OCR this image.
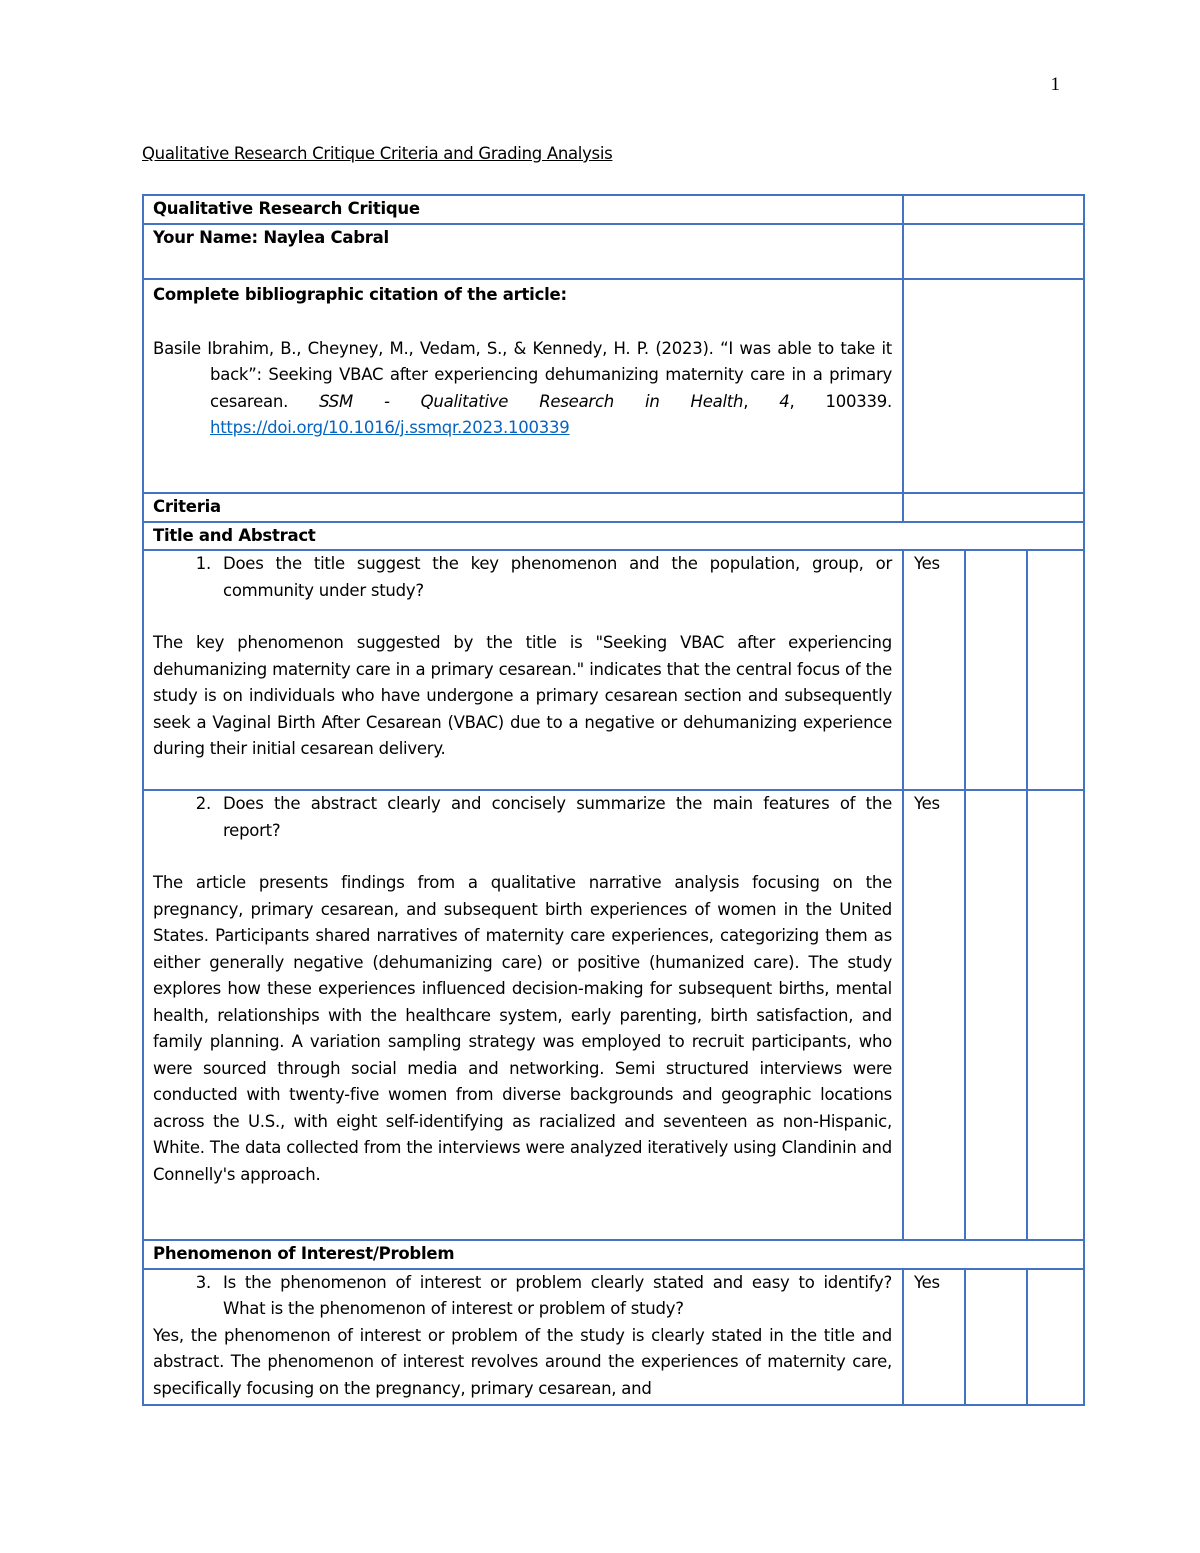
1
Qualitative Research Critique Criteria and Grading Analysis
Qualitative Research Critique			
Your Name: Naylea Cabral			

Complete bibliographic citation of the article:
Basile Ibrahim, B., Cheyney, M., Vedam, S., & Kennedy, H. P. (2023). “I was able to take it back”: Seeking VBAC after experiencing dehumanizing maternity care in a primary cesarean. SSM - Qualitative Research in Health, 4, 100339. https://doi.org/10.1016/j.ssmqr.2023.100339			

Criteria			
Title and Abstract			

1. Does the title suggest the key phenomenon and the population, group, or community under study?
The key phenomenon suggested by the title is "Seeking VBAC after experiencing dehumanizing maternity care in a primary cesarean." indicates that the central focus of the study is on individuals who have undergone a primary cesarean section and subsequently seek a Vaginal Birth After Cesarean (VBAC) due to a negative or dehumanizing experience during their initial cesarean delivery.	Yes		

2. Does the abstract clearly and concisely summarize the main features of the report?
The article presents findings from a qualitative narrative analysis focusing on the pregnancy, primary cesarean, and subsequent birth experiences of women in the United States. Participants shared narratives of maternity care experiences, categorizing them as either generally negative (dehumanizing care) or positive (humanized care). The study explores how these experiences influenced decision-making for subsequent births, mental health, relationships with the healthcare system, early parenting, birth satisfaction, and family planning. A variation sampling strategy was employed to recruit participants, who were sourced through social media and networking. Semi structured interviews were conducted with twenty-five women from diverse backgrounds and geographic locations across the U.S., with eight self-identifying as racialized and seventeen as non-Hispanic, White. The data collected from the interviews were analyzed iteratively using Clandinin and Connelly's approach.	Yes		
Phenomenon of Interest/Problem			

3. Is the phenomenon of interest or problem clearly stated and easy to identify? What is the phenomenon of interest or problem of study?
Yes, the phenomenon of interest or problem of the study is clearly stated in the title and abstract. The phenomenon of interest revolves around the experiences of maternity care, specifically focusing on the pregnancy, primary cesarean, and	Yes		
